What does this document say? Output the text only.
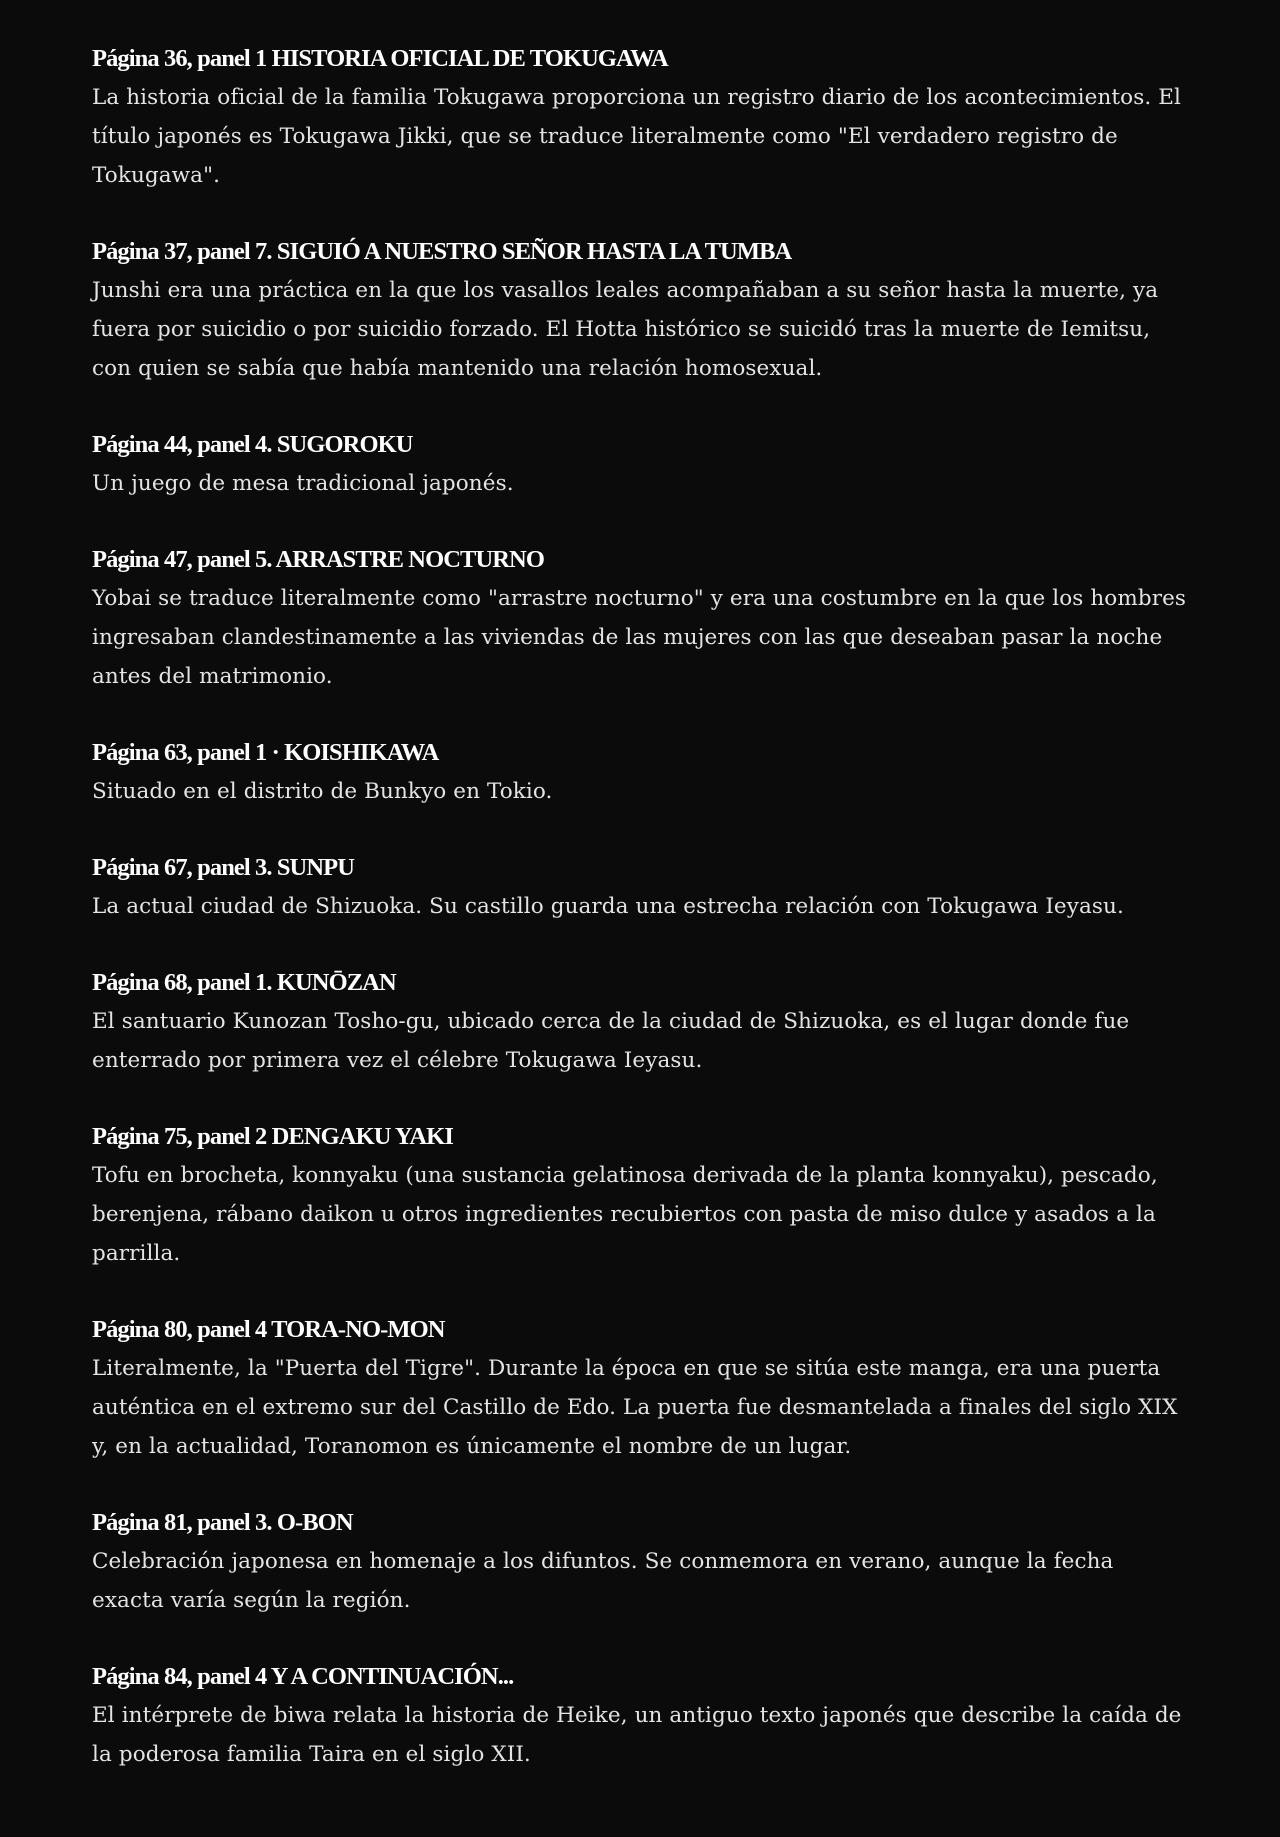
Página 36, panel 1 HISTORIA OFICIAL DE TOKUGAWA

La historia oficial de la familia Tokugawa proporciona un registro diario de los acontecimientos. El título japonés es Tokugawa Jikki, que se traduce literalmente como "El verdadero registro de Tokugawa".

Página 37, panel 7. SIGUIÓ A NUESTRO SEÑOR HASTA LA TUMBA

Junshi era una práctica en la que los vasallos leales acompañaban a su señor hasta la muerte, ya fuera por suicidio o por suicidio forzado. El Hotta histórico se suicidó tras la muerte de Iemitsu, con quien se sabía que había mantenido una relación homosexual.

Página 44, panel 4. SUGOROKU

Un juego de mesa tradicional japonés.

Página 47, panel 5. ARRASTRE NOCTURNO

Yobai se traduce literalmente como "arrastre nocturno" y era una costumbre en la que los hombres ingresaban clandestinamente a las viviendas de las mujeres con las que deseaban pasar la noche antes del matrimonio.

Página 63, panel 1 · KOISHIKAWA

Situado en el distrito de Bunkyo en Tokio.

Página 67, panel 3. SUNPU

La actual ciudad de Shizuoka. Su castillo guarda una estrecha relación con Tokugawa Ieyasu.

Página 68, panel 1. KUNŌZAN

El santuario Kunozan Tosho-gu, ubicado cerca de la ciudad de Shizuoka, es el lugar donde fue enterrado por primera vez el célebre Tokugawa Ieyasu.

Página 75, panel 2 DENGAKU YAKI

Tofu en brocheta, konnyaku (una sustancia gelatinosa derivada de la planta konnyaku), pescado, berenjena, rábano daikon u otros ingredientes recubiertos con pasta de miso dulce y asados a la parrilla.

Página 80, panel 4 TORA-NO-MON

Literalmente, la "Puerta del Tigre". Durante la época en que se sitúa este manga, era una puerta auténtica en el extremo sur del Castillo de Edo. La puerta fue desmantelada a finales del siglo XIX y, en la actualidad, Toranomon es únicamente el nombre de un lugar.

Página 81, panel 3. O-BON

Celebración japonesa en homenaje a los difuntos. Se conmemora en verano, aunque la fecha exacta varía según la región.

Página 84, panel 4 Y A CONTINUACIÓN...

El intérprete de biwa relata la historia de Heike, un antiguo texto japonés que describe la caída de la poderosa familia Taira en el siglo XII.
